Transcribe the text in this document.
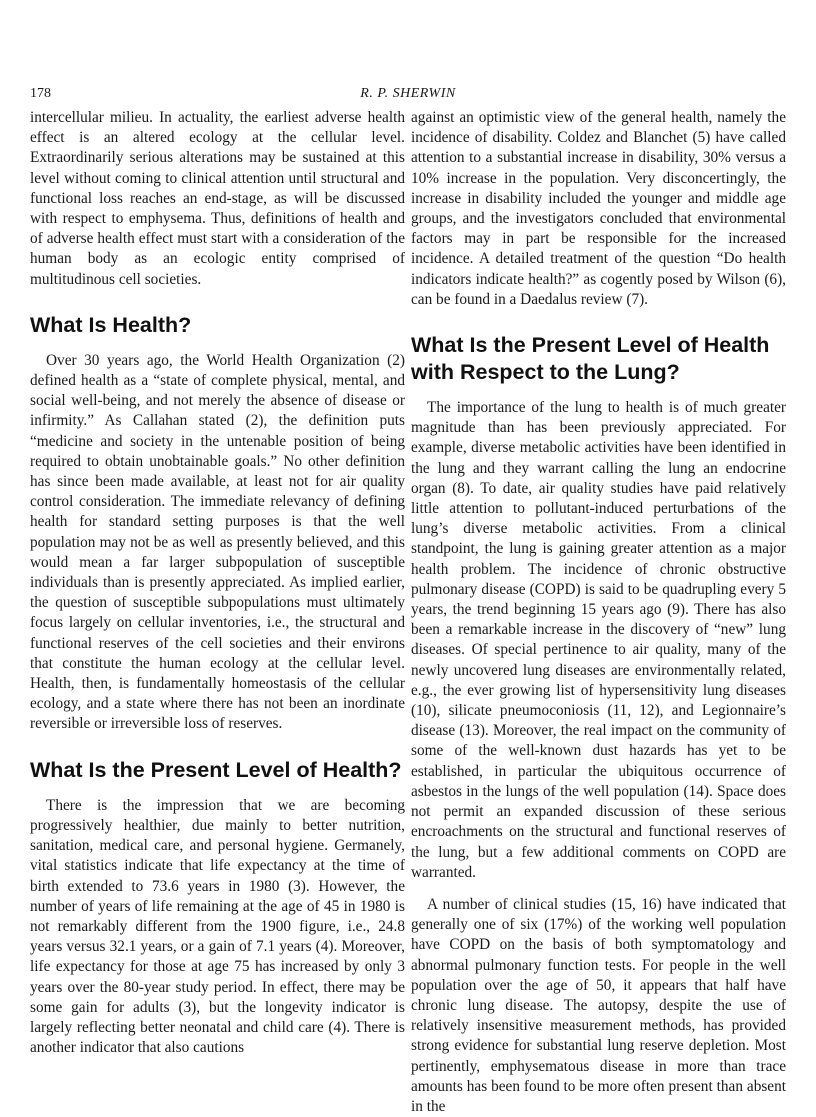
178	R. P. SHERWIN

intercellular milieu. In actuality, the earliest adverse health effect is an altered ecology at the cellular level. Extraordinarily serious alterations may be sustained at this level without coming to clinical attention until structural and functional loss reaches an end-stage, as will be discussed with respect to emphysema. Thus, definitions of health and of adverse health effect must start with a consideration of the human body as an ecologic entity comprised of multitudinous cell societies.

What Is Health?

Over 30 years ago, the World Health Organization (2) defined health as a “state of complete physical, mental, and social well-being, and not merely the absence of disease or infirmity.” As Callahan stated (2), the definition puts “medicine and society in the untenable position of being required to obtain unobtainable goals.” No other definition has since been made available, at least not for air quality control consideration. The immediate relevancy of defining health for standard setting purposes is that the well population may not be as well as presently believed, and this would mean a far larger subpopulation of susceptible individuals than is presently appreciated. As implied earlier, the question of susceptible subpopulations must ultimately focus largely on cellular inventories, i.e., the structural and functional reserves of the cell societies and their environs that constitute the human ecology at the cellular level. Health, then, is fundamentally homeostasis of the cellular ecology, and a state where there has not been an inordinate reversible or irreversible loss of reserves.

What Is the Present Level of Health?

There is the impression that we are becoming progressively healthier, due mainly to better nutrition, sanitation, medical care, and personal hygiene. Germanely, vital statistics indicate that life expectancy at the time of birth extended to 73.6 years in 1980 (3). However, the number of years of life remaining at the age of 45 in 1980 is not remarkably different from the 1900 figure, i.e., 24.8 years versus 32.1 years, or a gain of 7.1 years (4). Moreover, life expectancy for those at age 75 has increased by only 3 years over the 80-year study period. In effect, there may be some gain for adults (3), but the longevity indicator is largely reflecting better neonatal and child care (4). There is another indicator that also cautions

against an optimistic view of the general health, namely the incidence of disability. Coldez and Blanchet (5) have called attention to a substantial increase in disability, 30% versus a 10% increase in the population. Very disconcertingly, the increase in disability included the younger and middle age groups, and the investigators concluded that environmental factors may in part be responsible for the increased incidence. A detailed treatment of the question “Do health indicators indicate health?” as cogently posed by Wilson (6), can be found in a Daedalus review (7).

What Is the Present Level of Health with Respect to the Lung?

The importance of the lung to health is of much greater magnitude than has been previously appreciated. For example, diverse metabolic activities have been identified in the lung and they warrant calling the lung an endocrine organ (8). To date, air quality studies have paid relatively little attention to pollutant-induced perturbations of the lung’s diverse metabolic activities. From a clinical standpoint, the lung is gaining greater attention as a major health problem. The incidence of chronic obstructive pulmonary disease (COPD) is said to be quadrupling every 5 years, the trend beginning 15 years ago (9). There has also been a remarkable increase in the discovery of “new” lung diseases. Of special pertinence to air quality, many of the newly uncovered lung diseases are environmentally related, e.g., the ever growing list of hypersensitivity lung diseases (10), silicate pneumoconiosis (11, 12), and Legionnaire’s disease (13). Moreover, the real impact on the community of some of the well-known dust hazards has yet to be established, in particular the ubiquitous occurrence of asbestos in the lungs of the well population (14). Space does not permit an expanded discussion of these serious encroachments on the structural and functional reserves of the lung, but a few additional comments on COPD are warranted.

A number of clinical studies (15, 16) have indicated that generally one of six (17%) of the working well population have COPD on the basis of both symptomatology and abnormal pulmonary function tests. For people in the well population over the age of 50, it appears that half have chronic lung disease. The autopsy, despite the use of relatively insensitive measurement methods, has provided strong evidence for substantial lung reserve depletion. Most pertinently, emphysematous disease in more than trace amounts has been found to be more often present than absent in the
